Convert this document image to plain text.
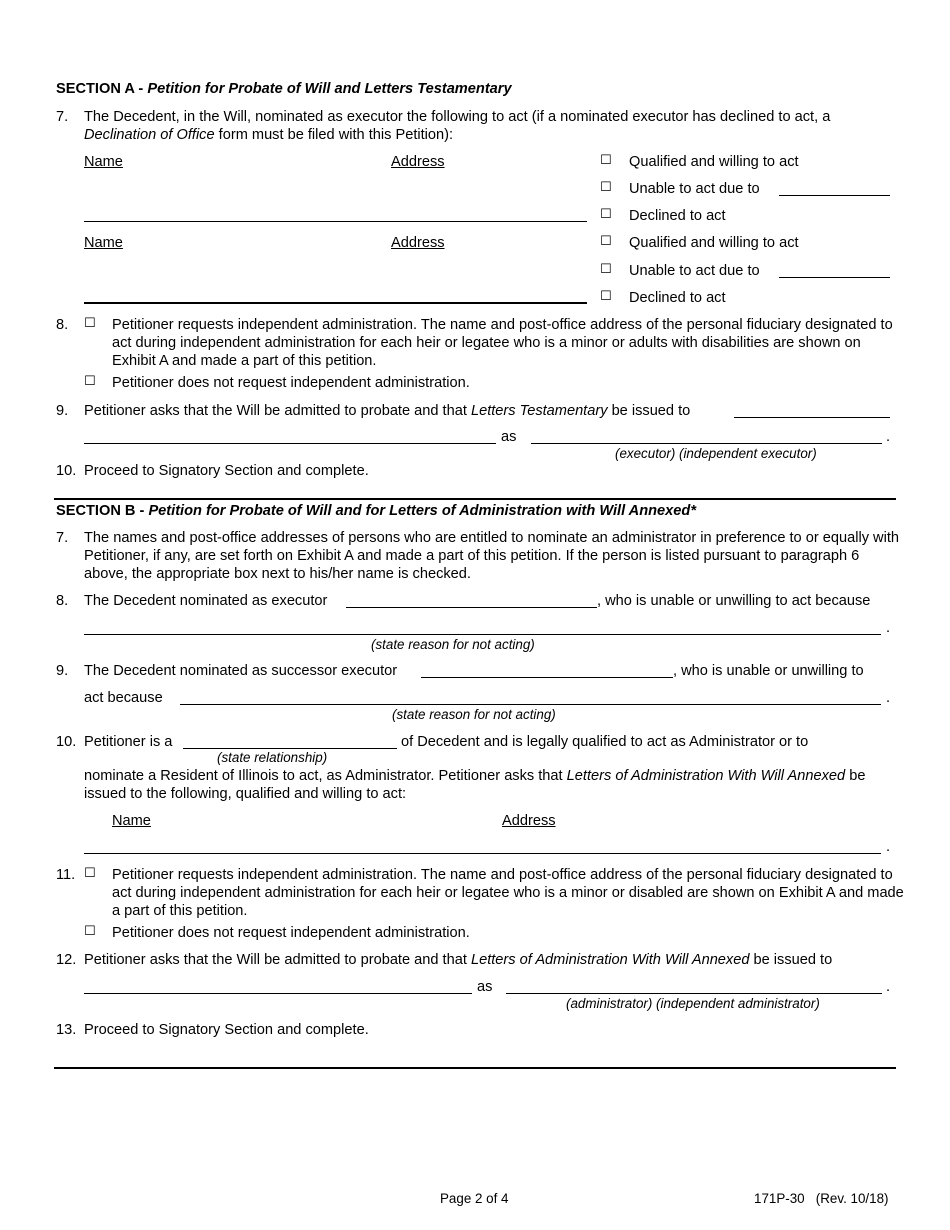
SECTION A - Petition for Probate of Will and Letters Testamentary
7. The Decedent, in the Will, nominated as executor the following to act (if a nominated executor has declined to act, a Declination of Office form must be filed with this Petition):
Name	Address	☐ Qualified and willing to act
☐ Unable to act due to
☐ Declined to act
Name	Address	☐ Qualified and willing to act
☐ Unable to act due to
☐ Declined to act
8. ☐ Petitioner requests independent administration. The name and post-office address of the personal fiduciary designated to act during independent administration for each heir or legatee who is a minor or adults with disabilities are shown on Exhibit A and made a part of this petition.
☐ Petitioner does not request independent administration.
9. Petitioner asks that the Will be admitted to probate and that Letters Testamentary be issued to
as	.
(executor) (independent executor)
10. Proceed to Signatory Section and complete.
SECTION B - Petition for Probate of Will and for Letters of Administration with Will Annexed*
7. The names and post-office addresses of persons who are entitled to nominate an administrator in preference to or equally with Petitioner, if any, are set forth on Exhibit A and made a part of this petition. If the person is listed pursuant to paragraph 6 above, the appropriate box next to his/her name is checked.
8. The Decedent nominated as executor	, who is unable or unwilling to act because
.
(state reason for not acting)
9. The Decedent nominated as successor executor	, who is unable or unwilling to
act because	.
(state reason for not acting)
10. Petitioner is a	of Decedent and is legally qualified to act as Administrator or to
(state relationship)
nominate a Resident of Illinois to act, as Administrator. Petitioner asks that Letters of Administration With Will Annexed be issued to the following, qualified and willing to act:
Name	Address
.
11. ☐ Petitioner requests independent administration. The name and post-office address of the personal fiduciary designated to act during independent administration for each heir or legatee who is a minor or disabled are shown on Exhibit A and made a part of this petition.
☐ Petitioner does not request independent administration.
12. Petitioner asks that the Will be admitted to probate and that Letters of Administration With Will Annexed be issued to
as	.
(administrator) (independent administrator)
13. Proceed to Signatory Section and complete.
Page 2 of 4	171P-30   (Rev. 10/18)
